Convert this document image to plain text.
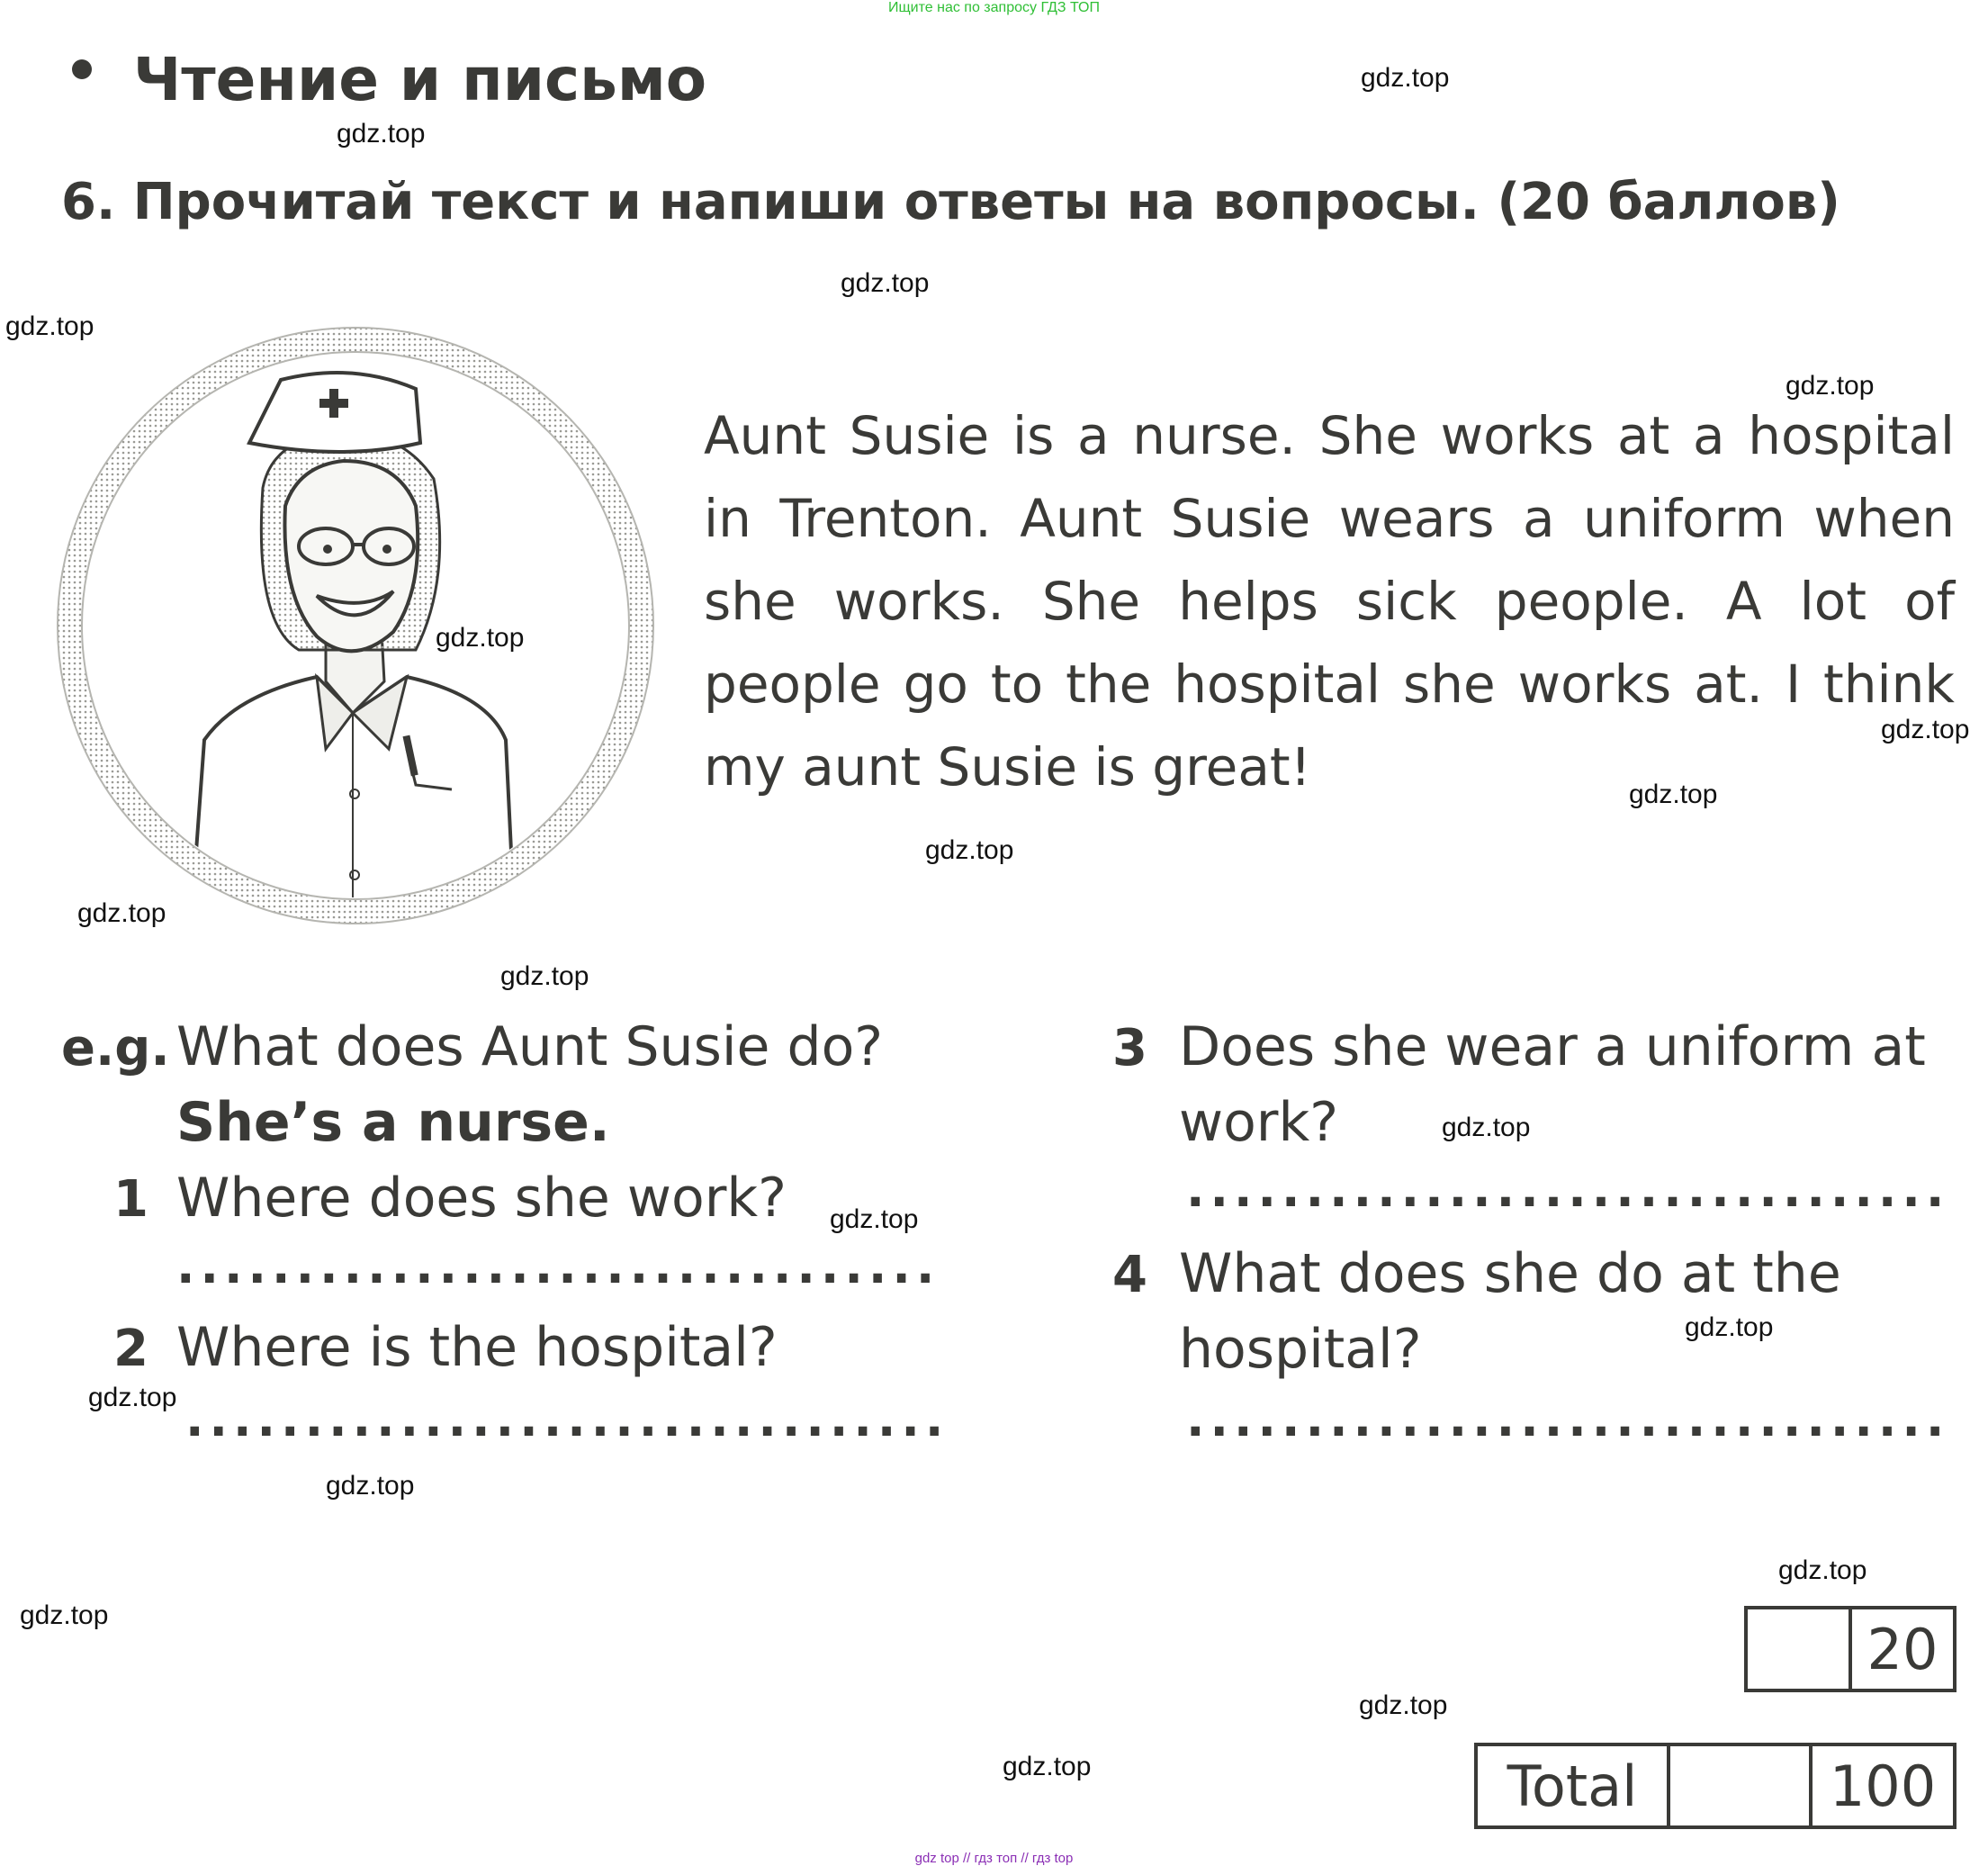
Ищите нас по запросу ГДЗ ТОП
Чтение и письмо
6. Прочитай текст и напиши ответы на вопросы. (20 баллов)
Aunt Susie is a nurse. She works at a hospital in Trenton. Aunt Susie wears a uniform when she works. She helps sick people. A lot of people go to the hospital she works at. I think my aunt Susie is great!
e.g. What does Aunt Susie do?
She’s a nurse.
1 Where does she work?
................................
2 Where is the hospital?
................................
3 Does she wear a uniform at
work?
................................
4 What does she do at the
hospital?
................................
20
Total	100
gdz.top
gdz.top
gdz.top
gdz.top
gdz.top
gdz.top
gdz.top
gdz.top
gdz.top
gdz.top
gdz.top
gdz.top
gdz.top
gdz.top
gdz.top
gdz.top
gdz.top
gdz.top
gdz.top
gdz.top
gdz top // гдз топ // гдз top
